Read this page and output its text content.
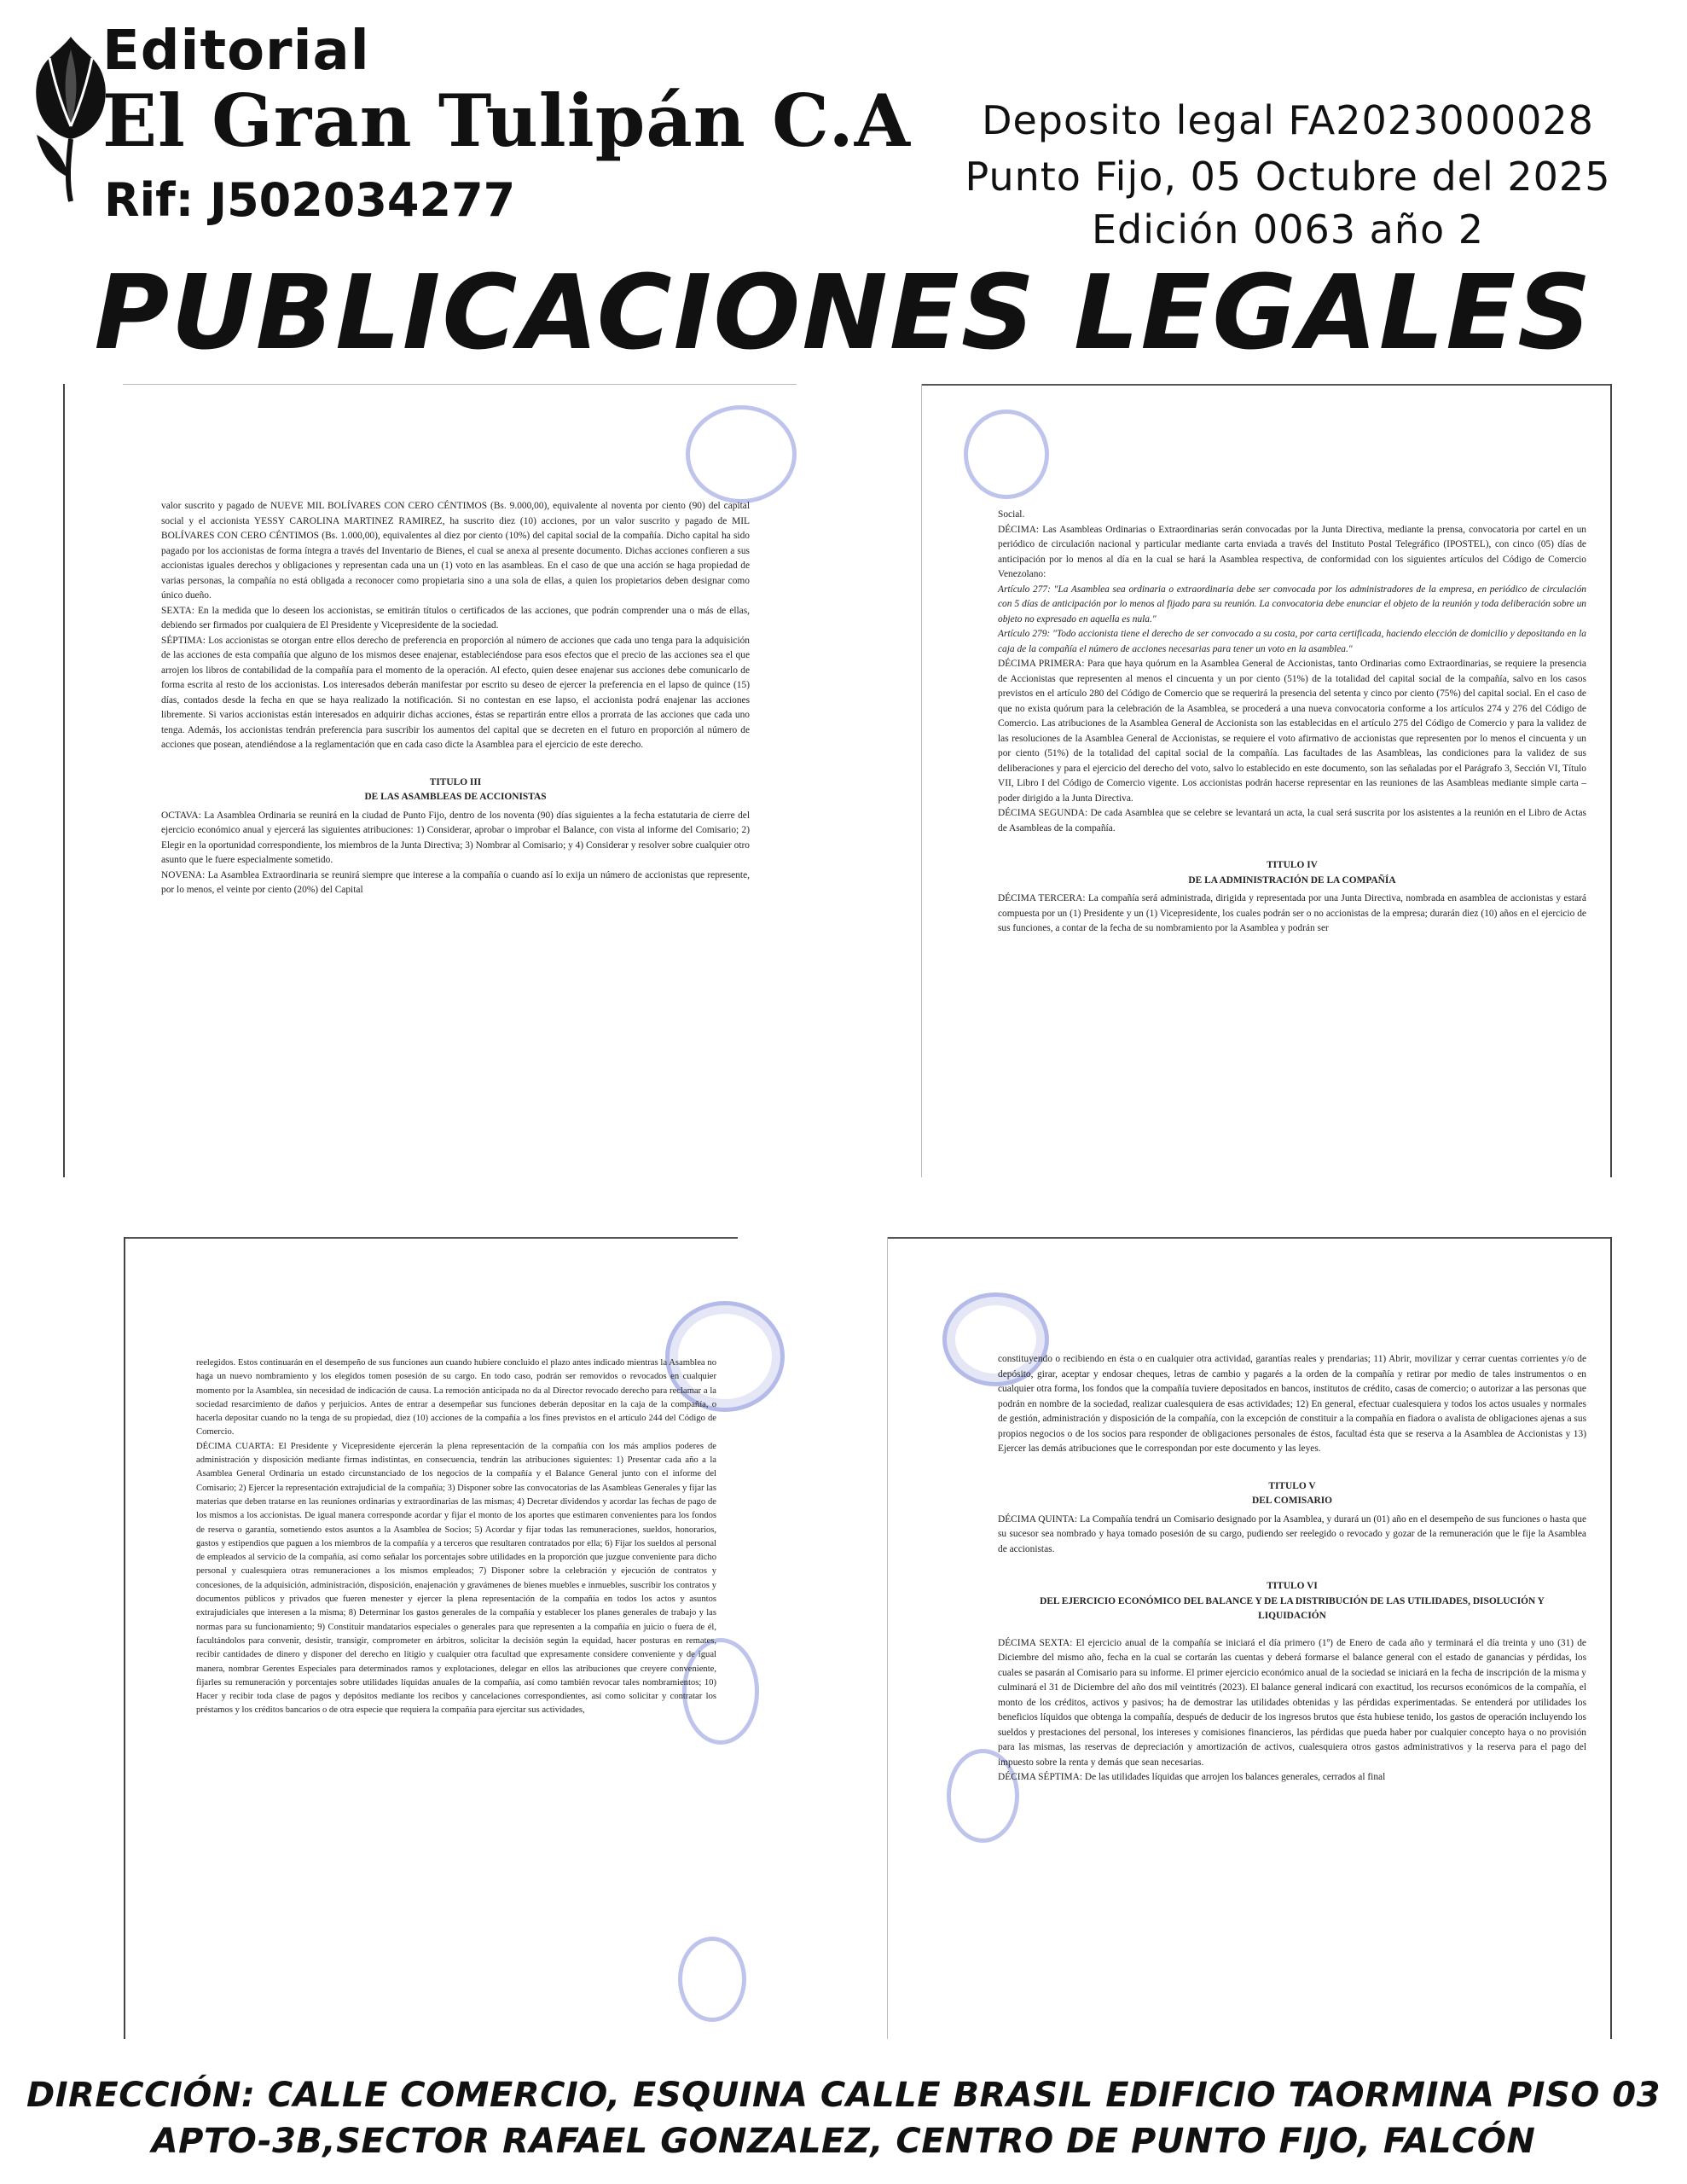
Editorial
El Gran Tulipán C.A
Rif: J502034277
Deposito legal FA2023000028
Punto Fijo, 05 Octubre del 2025
Edición 0063 año 2
PUBLICACIONES LEGALES

valor suscrito y pagado de NUEVE MIL BOLÍVARES CON CERO CÉNTIMOS (Bs. 9.000,00), equivalente al noventa por ciento (90) del capital social y el accionista YESSY CAROLINA MARTINEZ RAMIREZ, ha suscrito diez (10) acciones, por un valor suscrito y pagado de MIL BOLÍVARES CON CERO CÉNTIMOS (Bs. 1.000,00), equivalentes al diez por ciento (10%) del capital social de la compañía. Dicho capital ha sido pagado por los accionistas de forma íntegra a través del Inventario de Bienes, el cual se anexa al presente documento. Dichas acciones confieren a sus accionistas iguales derechos y obligaciones y representan cada una un (1) voto en las asambleas. En el caso de que una acción se haga propiedad de varias personas, la compañía no está obligada a reconocer como propietaria sino a una sola de ellas, a quien los propietarios deben designar como único dueño.

SEXTA: En la medida que lo deseen los accionistas, se emitirán títulos o certificados de las acciones, que podrán comprender una o más de ellas, debiendo ser firmados por cualquiera de El Presidente y Vicepresidente de la sociedad.

SÉPTIMA: Los accionistas se otorgan entre ellos derecho de preferencia en proporción al número de acciones que cada uno tenga para la adquisición de las acciones de esta compañía que alguno de los mismos desee enajenar, estableciéndose para esos efectos que el precio de las acciones sea el que arrojen los libros de contabilidad de la compañía para el momento de la operación. Al efecto, quien desee enajenar sus acciones debe comunicarlo de forma escrita al resto de los accionistas. Los interesados deberán manifestar por escrito su deseo de ejercer la preferencia en el lapso de quince (15) días, contados desde la fecha en que se haya realizado la notificación. Si no contestan en ese lapso, el accionista podrá enajenar las acciones libremente. Si varios accionistas están interesados en adquirir dichas acciones, éstas se repartirán entre ellos a prorrata de las acciones que cada uno tenga. Además, los accionistas tendrán preferencia para suscribir los aumentos del capital que se decreten en el futuro en proporción al número de acciones que posean, atendiéndose a la reglamentación que en cada caso dicte la Asamblea para el ejercicio de este derecho.

TITULO III

DE LAS ASAMBLEAS DE ACCIONISTAS

OCTAVA: La Asamblea Ordinaria se reunirá en la ciudad de Punto Fijo, dentro de los noventa (90) días siguientes a la fecha estatutaria de cierre del ejercicio económico anual y ejercerá las siguientes atribuciones: 1) Considerar, aprobar o improbar el Balance, con vista al informe del Comisario; 2) Elegir en la oportunidad correspondiente, los miembros de la Junta Directiva; 3) Nombrar al Comisario; y 4) Considerar y resolver sobre cualquier otro asunto que le fuere especialmente sometido.

NOVENA: La Asamblea Extraordinaria se reunirá siempre que interese a la compañía o cuando así lo exija un número de accionistas que represente, por lo menos, el veinte por ciento (20%) del Capital

Social.

DÉCIMA: Las Asambleas Ordinarias o Extraordinarias serán convocadas por la Junta Directiva, mediante la prensa, convocatoria por cartel en un periódico de circulación nacional y particular mediante carta enviada a través del Instituto Postal Telegráfico (IPOSTEL), con cinco (05) días de anticipación por lo menos al día en la cual se hará la Asamblea respectiva, de conformidad con los siguientes artículos del Código de Comercio Venezolano:

Artículo 277: "La Asamblea sea ordinaria o extraordinaria debe ser convocada por los administradores de la empresa, en periódico de circulación con 5 días de anticipación por lo menos al fijado para su reunión. La convocatoria debe enunciar el objeto de la reunión y toda deliberación sobre un objeto no expresado en aquella es nula."

Artículo 279: "Todo accionista tiene el derecho de ser convocado a su costa, por carta certificada, haciendo elección de domicilio y depositando en la caja de la compañía el número de acciones necesarias para tener un voto en la asamblea."

DÉCIMA PRIMERA: Para que haya quórum en la Asamblea General de Accionistas, tanto Ordinarias como Extraordinarias, se requiere la presencia de Accionistas que representen al menos el cincuenta y un por ciento (51%) de la totalidad del capital social de la compañía, salvo en los casos previstos en el artículo 280 del Código de Comercio que se requerirá la presencia del setenta y cinco por ciento (75%) del capital social. En el caso de que no exista quórum para la celebración de la Asamblea, se procederá a una nueva convocatoria conforme a los artículos 274 y 276 del Código de Comercio. Las atribuciones de la Asamblea General de Accionista son las establecidas en el artículo 275 del Código de Comercio y para la validez de las resoluciones de la Asamblea General de Accionistas, se requiere el voto afirmativo de accionistas que representen por lo menos el cincuenta y un por ciento (51%) de la totalidad del capital social de la compañía. Las facultades de las Asambleas, las condiciones para la validez de sus deliberaciones y para el ejercicio del derecho del voto, salvo lo establecido en este documento, son las señaladas por el Parágrafo 3, Sección VI, Título VII, Libro I del Código de Comercio vigente. Los accionistas podrán hacerse representar en las reuniones de las Asambleas mediante simple carta – poder dirigido a la Junta Directiva.

DÉCIMA SEGUNDA: De cada Asamblea que se celebre se levantará un acta, la cual será suscrita por los asistentes a la reunión en el Libro de Actas de Asambleas de la compañía.

TITULO IV

DE LA ADMINISTRACIÓN DE LA COMPAÑÍA

DÉCIMA TERCERA: La compañía será administrada, dirigida y representada por una Junta Directiva, nombrada en asamblea de accionistas y estará compuesta por un (1) Presidente y un (1) Vicepresidente, los cuales podrán ser o no accionistas de la empresa; durarán diez (10) años en el ejercicio de sus funciones, a contar de la fecha de su nombramiento por la Asamblea y podrán ser

reelegidos. Estos continuarán en el desempeño de sus funciones aun cuando hubiere concluido el plazo antes indicado mientras la Asamblea no haga un nuevo nombramiento y los elegidos tomen posesión de su cargo. En todo caso, podrán ser removidos o revocados en cualquier momento por la Asamblea, sin necesidad de indicación de causa. La remoción anticipada no da al Director revocado derecho para reclamar a la sociedad resarcimiento de daños y perjuicios. Antes de entrar a desempeñar sus funciones deberán depositar en la caja de la compañía, o hacerla depositar cuando no la tenga de su propiedad, diez (10) acciones de la compañía a los fines previstos en el artículo 244 del Código de Comercio.

DÉCIMA CUARTA: El Presidente y Vicepresidente ejercerán la plena representación de la compañía con los más amplios poderes de administración y disposición mediante firmas indistintas, en consecuencia, tendrán las atribuciones siguientes: 1) Presentar cada año a la Asamblea General Ordinaria un estado circunstanciado de los negocios de la compañía y el Balance General junto con el informe del Comisario; 2) Ejercer la representación extrajudicial de la compañía; 3) Disponer sobre las convocatorias de las Asambleas Generales y fijar las materias que deben tratarse en las reuniones ordinarias y extraordinarias de las mismas; 4) Decretar dividendos y acordar las fechas de pago de los mismos a los accionistas. De igual manera corresponde acordar y fijar el monto de los aportes que estimaren convenientes para los fondos de reserva o garantía, sometiendo estos asuntos a la Asamblea de Socios; 5) Acordar y fijar todas las remuneraciones, sueldos, honorarios, gastos y estipendios que paguen a los miembros de la compañía y a terceros que resultaren contratados por ella; 6) Fijar los sueldos al personal de empleados al servicio de la compañía, así como señalar los porcentajes sobre utilidades en la proporción que juzgue conveniente para dicho personal y cualesquiera otras remuneraciones a los mismos empleados; 7) Disponer sobre la celebración y ejecución de contratos y concesiones, de la adquisición, administración, disposición, enajenación y gravámenes de bienes muebles e inmuebles, suscribir los contratos y documentos públicos y privados que fueren menester y ejercer la plena representación de la compañía en todos los actos y asuntos extrajudiciales que interesen a la misma; 8) Determinar los gastos generales de la compañía y establecer los planes generales de trabajo y las normas para su funcionamiento; 9) Constituir mandatarios especiales o generales para que representen a la compañía en juicio o fuera de él, facultándolos para convenir, desistir, transigir, comprometer en árbitros, solicitar la decisión según la equidad, hacer posturas en remates, recibir cantidades de dinero y disponer del derecho en litigio y cualquier otra facultad que expresamente considere conveniente y de igual manera, nombrar Gerentes Especiales para determinados ramos y explotaciones, delegar en ellos las atribuciones que creyere conveniente, fijarles su remuneración y porcentajes sobre utilidades líquidas anuales de la compañía, así como también revocar tales nombramientos; 10) Hacer y recibir toda clase de pagos y depósitos mediante los recibos y cancelaciones correspondientes, así como solicitar y contratar los préstamos y los créditos bancarios o de otra especie que requiera la compañía para ejercitar sus actividades,

constituyendo o recibiendo en ésta o en cualquier otra actividad, garantías reales y prendarias; 11) Abrir, movilizar y cerrar cuentas corrientes y/o de depósito, girar, aceptar y endosar cheques, letras de cambio y pagarés a la orden de la compañía y retirar por medio de tales instrumentos o en cualquier otra forma, los fondos que la compañía tuviere depositados en bancos, institutos de crédito, casas de comercio; o autorizar a las personas que podrán en nombre de la sociedad, realizar cualesquiera de esas actividades; 12) En general, efectuar cualesquiera y todos los actos usuales y normales de gestión, administración y disposición de la compañía, con la excepción de constituir a la compañía en fiadora o avalista de obligaciones ajenas a sus propios negocios o de los socios para responder de obligaciones personales de éstos, facultad ésta que se reserva a la Asamblea de Accionistas y 13) Ejercer las demás atribuciones que le correspondan por este documento y las leyes.

TITULO V

DEL COMISARIO

DÉCIMA QUINTA: La Compañía tendrá un Comisario designado por la Asamblea, y durará un (01) año en el desempeño de sus funciones o hasta que su sucesor sea nombrado y haya tomado posesión de su cargo, pudiendo ser reelegido o revocado y gozar de la remuneración que le fije la Asamblea de accionistas.

TITULO VI

DEL EJERCICIO ECONÓMICO DEL BALANCE Y DE LA DISTRIBUCIÓN DE LAS UTILIDADES, DISOLUCIÓN Y LIQUIDACIÓN

DÉCIMA SEXTA: El ejercicio anual de la compañía se iniciará el día primero (1º) de Enero de cada año y terminará el día treinta y uno (31) de Diciembre del mismo año, fecha en la cual se cortarán las cuentas y deberá formarse el balance general con el estado de ganancias y pérdidas, los cuales se pasarán al Comisario para su informe. El primer ejercicio económico anual de la sociedad se iniciará en la fecha de inscripción de la misma y culminará el 31 de Diciembre del año dos mil veintitrés (2023). El balance general indicará con exactitud, los recursos económicos de la compañía, el monto de los créditos, activos y pasivos; ha de demostrar las utilidades obtenidas y las pérdidas experimentadas. Se entenderá por utilidades los beneficios líquidos que obtenga la compañía, después de deducir de los ingresos brutos que ésta hubiese tenido, los gastos de operación incluyendo los sueldos y prestaciones del personal, los intereses y comisiones financieros, las pérdidas que pueda haber por cualquier concepto haya o no provisión para las mismas, las reservas de depreciación y amortización de activos, cualesquiera otros gastos administrativos y la reserva para el pago del impuesto sobre la renta y demás que sean necesarias.

DÉCIMA SÉPTIMA: De las utilidades líquidas que arrojen los balances generales, cerrados al final

DIRECCIÓN: CALLE COMERCIO, ESQUINA CALLE BRASIL EDIFICIO TAORMINA PISO 03
APTO-3B,SECTOR RAFAEL GONZALEZ, CENTRO DE PUNTO FIJO, FALCÓN
